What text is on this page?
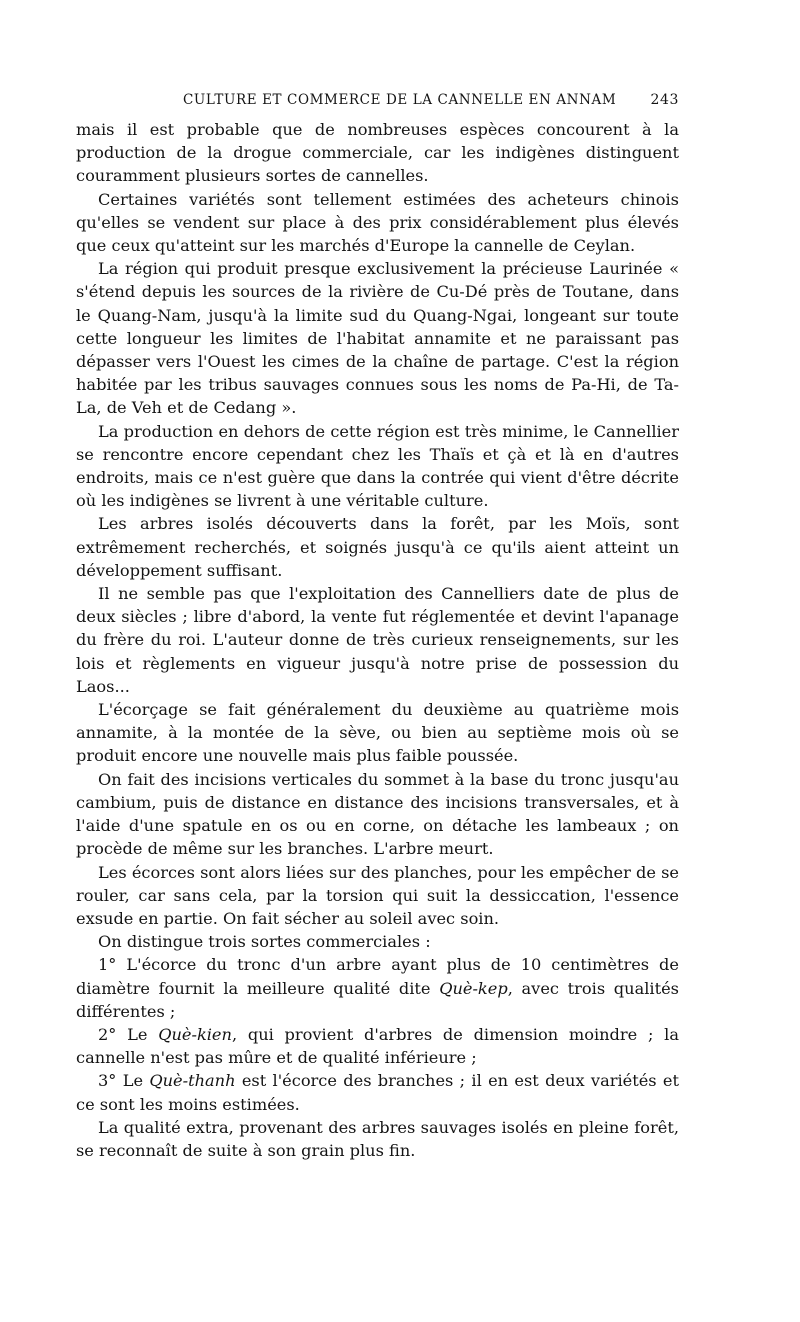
CULTURE ET COMMERCE DE LA CANNELLE EN ANNAM 243

mais il est probable que de nombreuses espèces concourent à la production de la drogue commerciale, car les indigènes distinguent couramment plusieurs sortes de cannelles.

Certaines variétés sont tellement estimées des acheteurs chinois qu'elles se vendent sur place à des prix considérablement plus élevés que ceux qu'atteint sur les marchés d'Europe la cannelle de Ceylan.

La région qui produit presque exclusivement la précieuse Laurinée « s'étend depuis les sources de la rivière de Cu-Dé près de Toutane, dans le Quang-Nam, jusqu'à la limite sud du Quang-Ngai, longeant sur toute cette longueur les limites de l'habitat annamite et ne paraissant pas dépasser vers l'Ouest les cimes de la chaîne de partage. C'est la région habitée par les tribus sauvages connues sous les noms de Pa-Hi, de Ta-La, de Veh et de Cedang ».

La production en dehors de cette région est très minime, le Cannellier se rencontre encore cependant chez les Thaïs et çà et là en d'autres endroits, mais ce n'est guère que dans la contrée qui vient d'être décrite où les indigènes se livrent à une véritable culture.

Les arbres isolés découverts dans la forêt, par les Moïs, sont extrêmement recherchés, et soignés jusqu'à ce qu'ils aient atteint un développement suffisant.

Il ne semble pas que l'exploitation des Cannelliers date de plus de deux siècles ; libre d'abord, la vente fut réglementée et devint l'apanage du frère du roi. L'auteur donne de très curieux renseignements, sur les lois et règlements en vigueur jusqu'à notre prise de possession du Laos...

L'écorçage se fait généralement du deuxième au quatrième mois annamite, à la montée de la sève, ou bien au septième mois où se produit encore une nouvelle mais plus faible poussée.

On fait des incisions verticales du sommet à la base du tronc jusqu'au cambium, puis de distance en distance des incisions transversales, et à l'aide d'une spatule en os ou en corne, on détache les lambeaux ; on procède de même sur les branches. L'arbre meurt.

Les écorces sont alors liées sur des planches, pour les empêcher de se rouler, car sans cela, par la torsion qui suit la dessiccation, l'essence exsude en partie. On fait sécher au soleil avec soin.

On distingue trois sortes commerciales :

1° L'écorce du tronc d'un arbre ayant plus de 10 centimètres de diamètre fournit la meilleure qualité dite Què-kep, avec trois qualités différentes ;

2° Le Què-kien, qui provient d'arbres de dimension moindre ; la cannelle n'est pas mûre et de qualité inférieure ;

3° Le Què-thanh est l'écorce des branches ; il en est deux variétés et ce sont les moins estimées.

La qualité extra, provenant des arbres sauvages isolés en pleine forêt, se reconnaît de suite à son grain plus fin.
